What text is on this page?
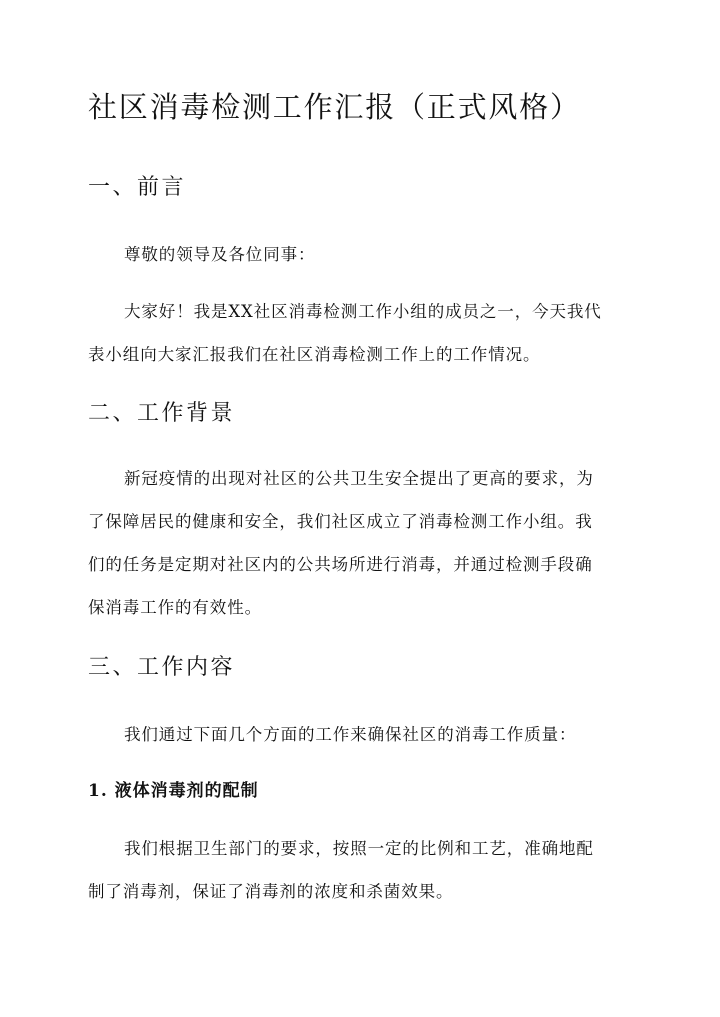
社区消毒检测工作汇报（正式风格）
一、前言

尊敬的领导及各位同事：

大家好！我是XX社区消毒检测工作小组的成员之一，今天我代

表小组向大家汇报我们在社区消毒检测工作上的工作情况。

二、工作背景

新冠疫情的出现对社区的公共卫生安全提出了更高的要求，为

了保障居民的健康和安全，我们社区成立了消毒检测工作小组。我

们的任务是定期对社区内的公共场所进行消毒，并通过检测手段确

保消毒工作的有效性。

三、工作内容

我们通过下面几个方面的工作来确保社区的消毒工作质量：

1. 液体消毒剂的配制

我们根据卫生部门的要求，按照一定的比例和工艺，准确地配

制了消毒剂，保证了消毒剂的浓度和杀菌效果。
